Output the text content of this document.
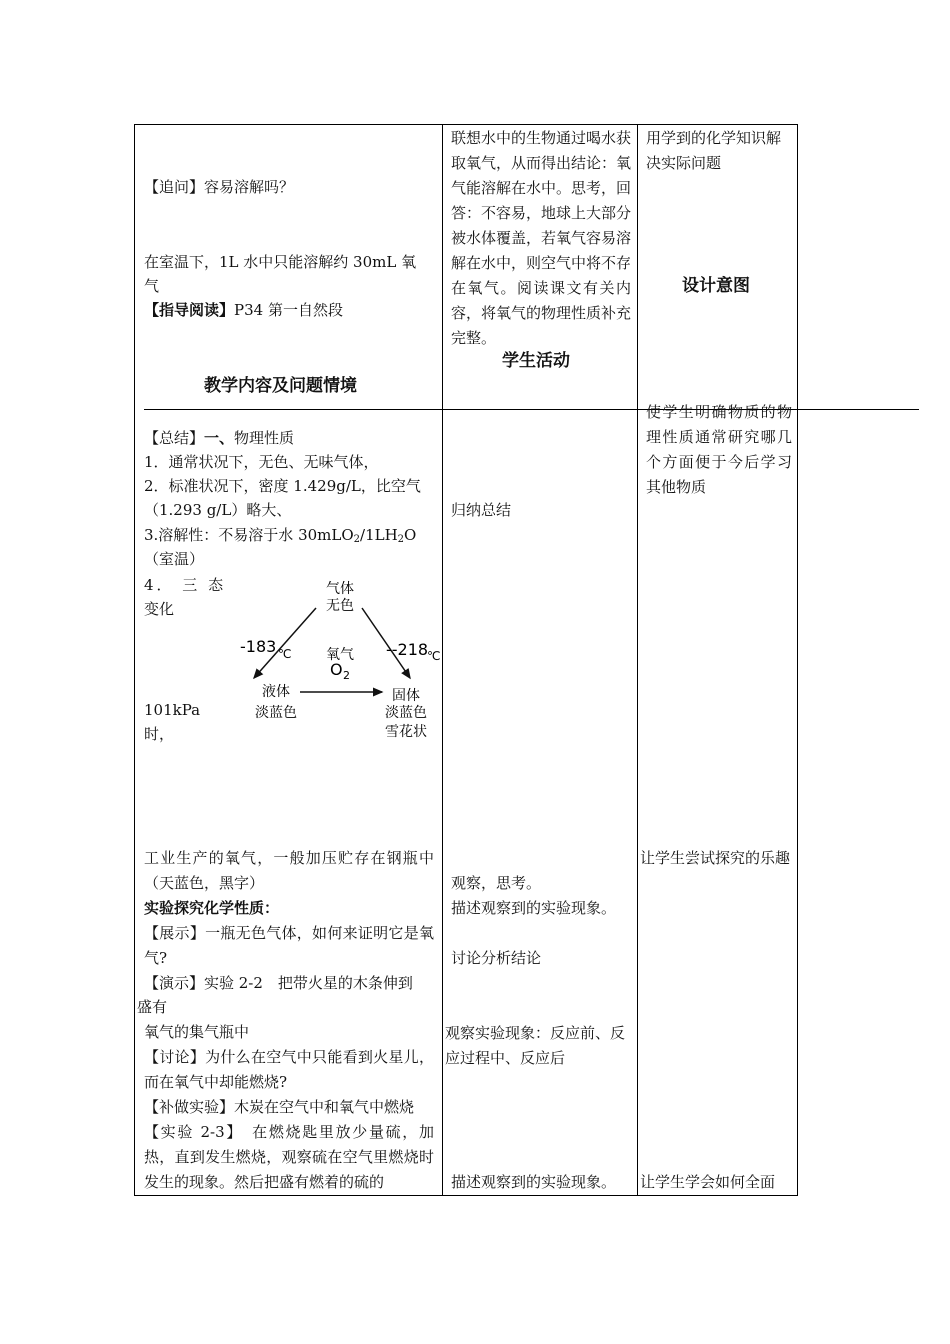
【追问】容易溶解吗？
在室温下，1L 水中只能溶解约 30mL 氧
气
【指导阅读】P34 第一自然段
教学内容及问题情境
联想水中的生物通过喝水获取氧气，从而得出结论：氧气能溶解在水中。思考，回答：不容易，地球上大部分被水体覆盖，若氧气容易溶解在水中，则空气中将不存在氧气。阅读课文有关内容，将氧气的物理性质补充完整。
学生活动
用学到的化学知识解决实际问题
设计意图
【总结】一、物理性质
1．通常状况下，无色、无味气体，
2．标准状况下，密度 1.429g/L，比空气
（1.293 g/L）略大、
3.溶解性：不易溶于水 $30mLO_2/1LH_2O$
（室温）
4． 三 态
变化
101kPa
时，
归纳总结
使学生明确物质的物理性质通常研究哪几个方面便于今后学习其他物质
气体
无色
-183 ℃	--218
℃
氧气
O 2
液体
淡蓝色
固体
淡蓝色
雪花状
工业生产的氧气，一般加压贮存在钢瓶中（天蓝色，黑字）
实验探究化学性质：
【展示】一瓶无色气体，如何来证明它是氧气?
【演示】实验 2-2　把带火星的木条伸到
盛有
氧气的集气瓶中
【讨论】为什么在空气中只能看到火星儿，而在氧气中却能燃烧?
【补做实验】木炭在空气中和氧气中燃烧
【实验 2-3】　在燃烧匙里放少量硫，加热，直到发生燃烧，观察硫在空气里燃烧时发生的现象。然后把盛有燃着的硫的
观察，思考。
描述观察到的实验现象。
讨论分析结论
观察实验现象：反应前、反应过程中、反应后
描述观察到的实验现象。
让学生尝试探究的乐趣
让学生学会如何全面
